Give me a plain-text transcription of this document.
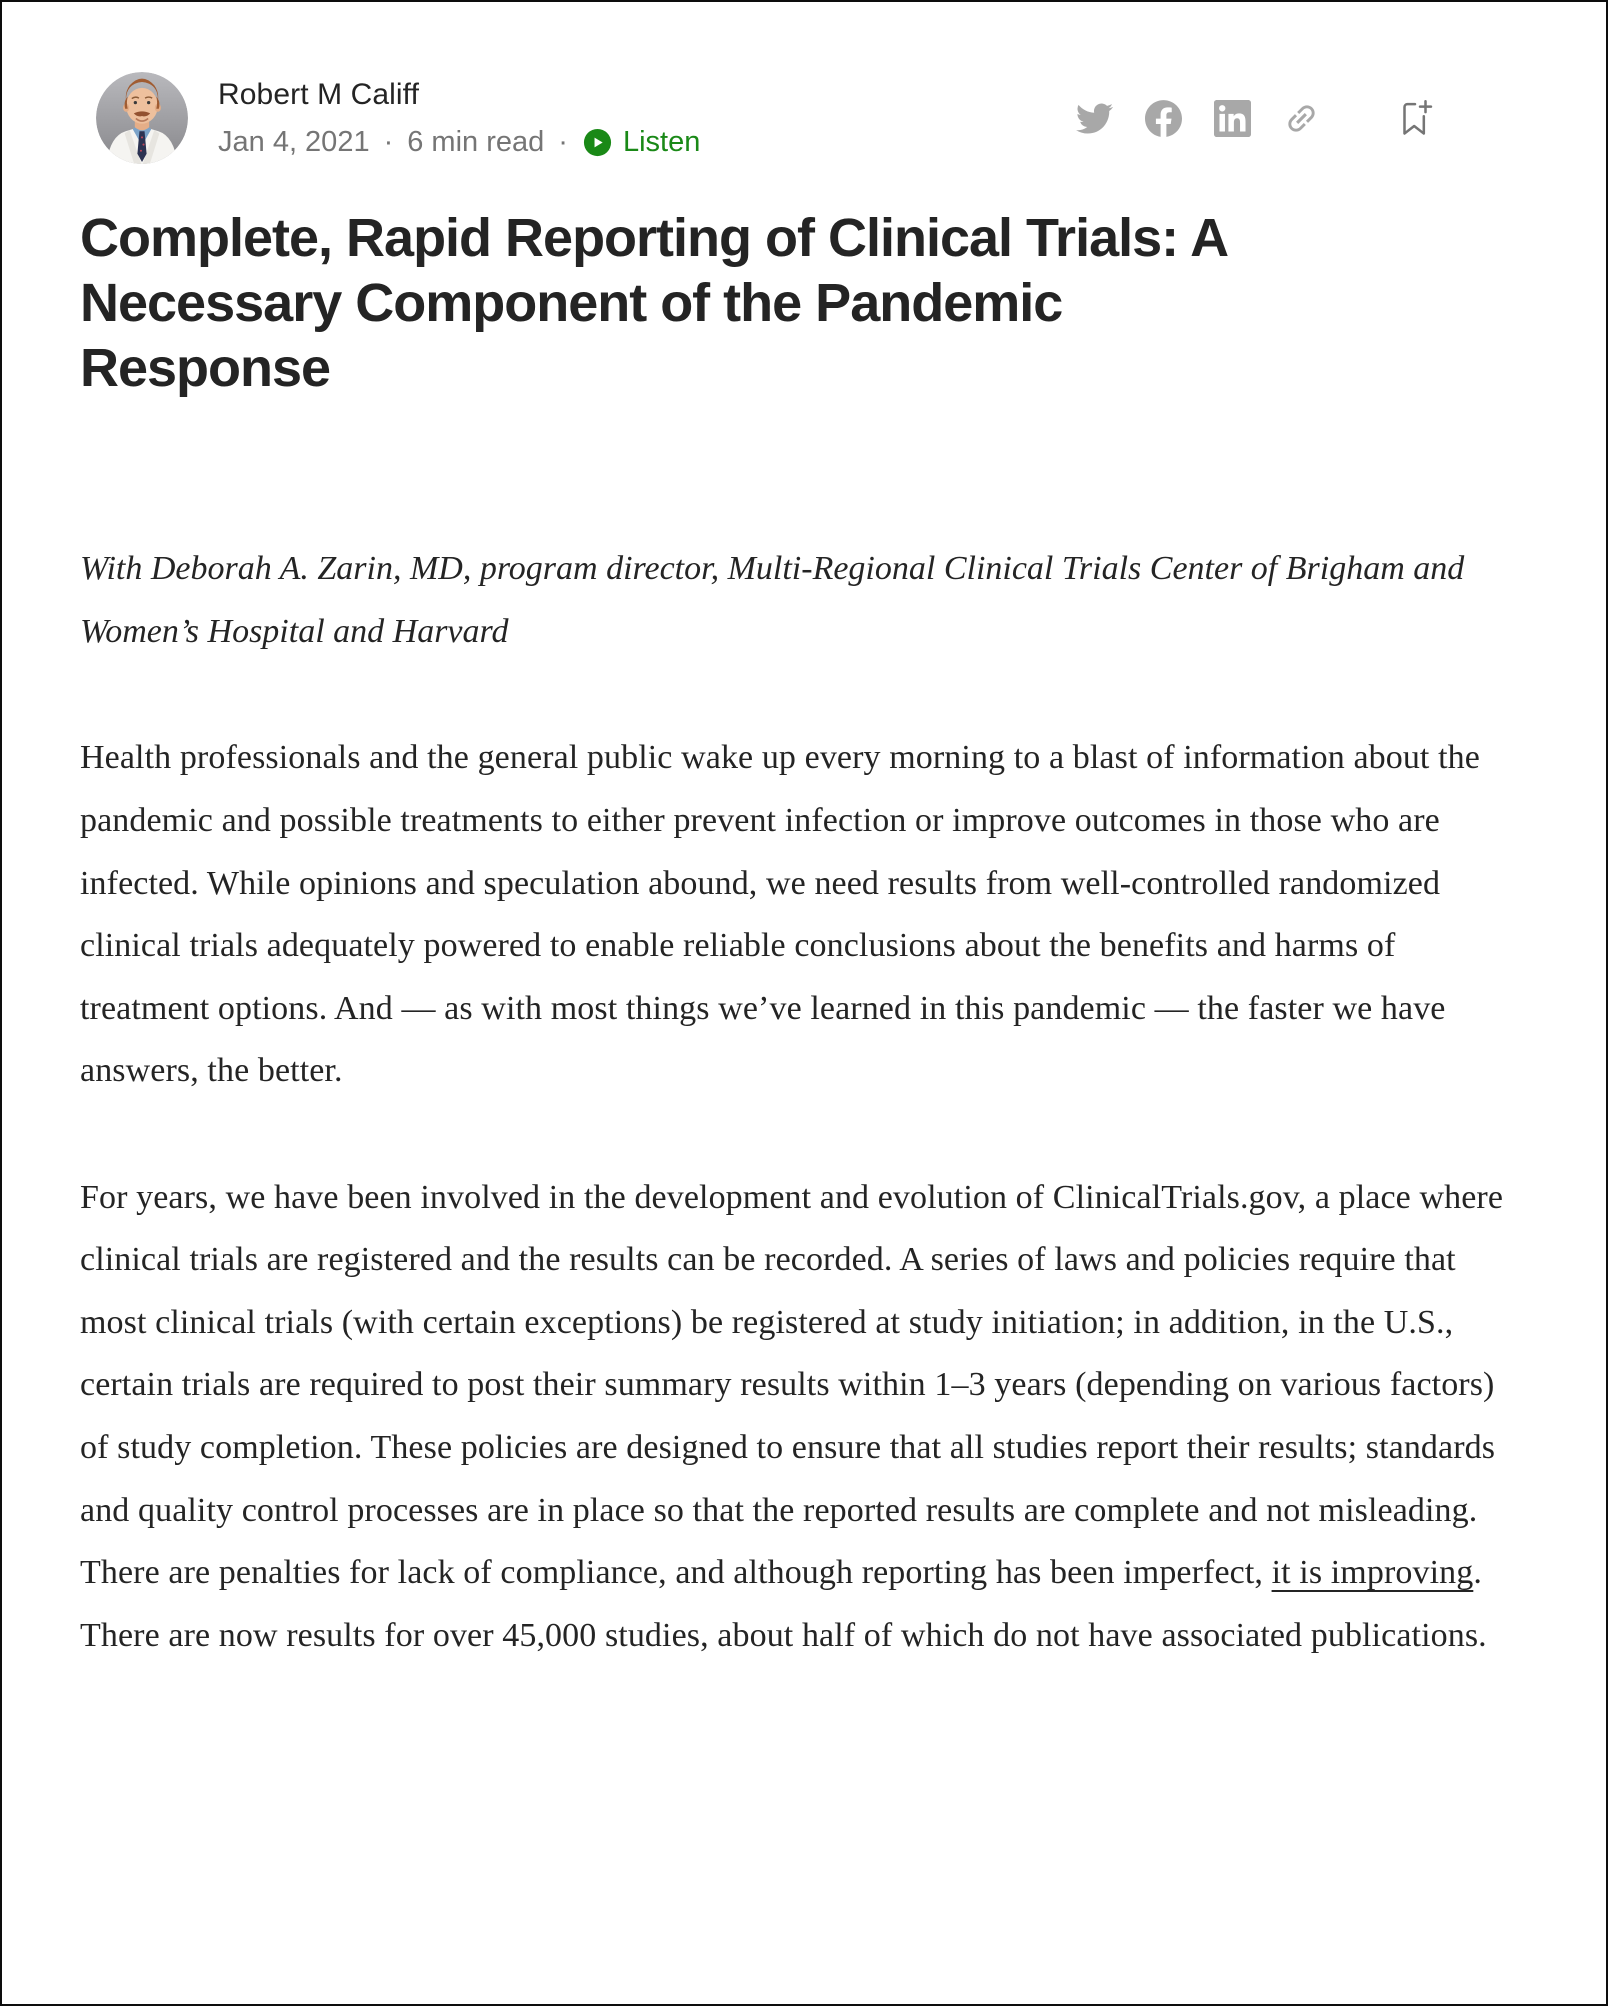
Robert M Califf
Jan 4, 2021 · 6 min read · Listen
Complete, Rapid Reporting of Clinical Trials: A
Necessary Component of the Pandemic
Response

With Deborah A. Zarin, MD, program director, Multi-Regional Clinical Trials Center of Brigham and Women’s Hospital and Harvard

Health professionals and the general public wake up every morning to a blast of information about the pandemic and possible treatments to either prevent infection or improve outcomes in those who are infected. While opinions and speculation abound, we need results from well-controlled randomized clinical trials adequately powered to enable reliable conclusions about the benefits and harms of treatment options. And — as with most things we’ve learned in this pandemic — the faster we have answers, the better.

For years, we have been involved in the development and evolution of ClinicalTrials.gov, a place where clinical trials are registered and the results can be recorded. A series of laws and policies require that most clinical trials (with certain exceptions) be registered at study initiation; in addition, in the U.S., certain trials are required to post their summary results within 1–3 years (depending on various factors) of study completion. These policies are designed to ensure that all studies report their results; standards and quality control processes are in place so that the reported results are complete and not misleading. There are penalties for lack of compliance, and although reporting has been imperfect, it is improving. There are now results for over 45,000 studies, about half of which do not have associated publications.
